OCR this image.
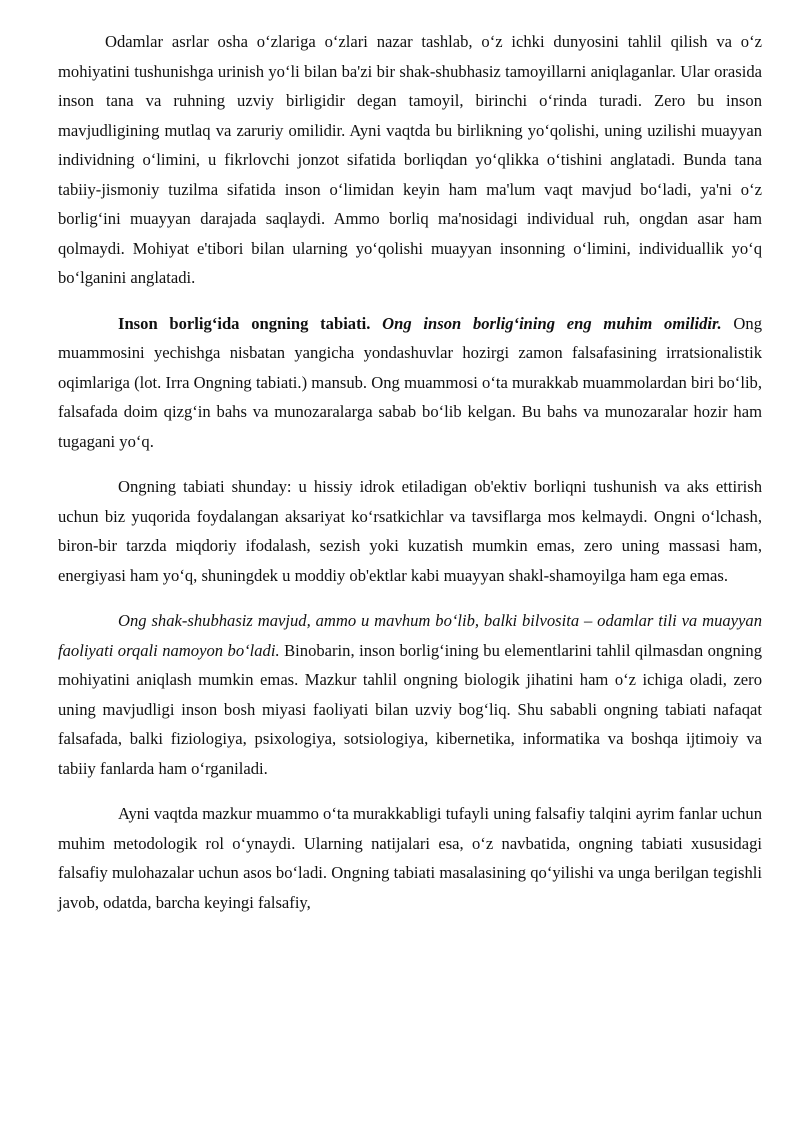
Odamlar asrlar osha o‘zlariga o‘zlari nazar tashlab, o‘z ichki dunyosini tahlil qilish va o‘z mohiyatini tushunishga urinish yo‘li bilan ba'zi bir shak-shubhasiz tamoyillarni aniqlaganlar. Ular orasida inson tana va ruhning uzviy birligidir degan tamoyil, birinchi o‘rinda turadi. Zero bu inson mavjudligining mutlaq va zaruriy omilidir. Ayni vaqtda bu birlikning yo‘qolishi, uning uzilishi muayyan individning o‘limini, u fikrlovchi jonzot sifatida borliqdan yo‘qlikka o‘tishini anglatadi. Bunda tana tabiiy-jismoniy tuzilma sifatida inson o‘limidan keyin ham ma'lum vaqt mavjud bo‘ladi, ya'ni o‘z borlig‘ini muayyan darajada saqlaydi. Ammo borliq ma'nosidagi individual ruh, ongdan asar ham qolmaydi. Mohiyat e'tibori bilan ularning yo‘qolishi muayyan insonning o‘limini, individuallik yo‘q bo‘lganini anglatadi.

Inson borlig‘ida ongning tabiati. Ong inson borlig‘ining eng muhim omilidir. Ong muammosini yechishga nisbatan yangicha yondashuvlar hozirgi zamon falsafasining irratsionalistik oqimlariga (lot. Irra Ongning tabiati.) mansub. Ong muammosi o‘ta murakkab muammolardan biri bo‘lib, falsafada doim qizg‘in bahs va munozaralarga sabab bo‘lib kelgan. Bu bahs va munozaralar hozir ham tugagani yo‘q.

Ongning tabiati shunday: u hissiy idrok etiladigan ob'ektiv borliqni tushunish va aks ettirish uchun biz yuqorida foydalangan aksariyat ko‘rsatkichlar va tavsiflarga mos kelmaydi. Ongni o‘lchash, biron-bir tarzda miqdoriy ifodalash, sezish yoki kuzatish mumkin emas, zero uning massasi ham, energiyasi ham yo‘q, shuningdek u moddiy ob'ektlar kabi muayyan shakl-shamoyilga ham ega emas.

Ong shak-shubhasiz mavjud, ammo u mavhum bo‘lib, balki bilvosita – odamlar tili va muayyan faoliyati orqali namoyon bo‘ladi. Binobarin, inson borlig‘ining bu elementlarini tahlil qilmasdan ongning mohiyatini aniqlash mumkin emas. Mazkur tahlil ongning biologik jihatini ham o‘z ichiga oladi, zero uning mavjudligi inson bosh miyasi faoliyati bilan uzviy bog‘liq. Shu sababli ongning tabiati nafaqat falsafada, balki fiziologiya, psixologiya, sotsiologiya, kibernetika, informatika va boshqa ijtimoiy va tabiiy fanlarda ham o‘rganiladi.

Ayni vaqtda mazkur muammo o‘ta murakkabligi tufayli uning falsafiy talqini ayrim fanlar uchun muhim metodologik rol o‘ynaydi. Ularning natijalari esa, o‘z navbatida, ongning tabiati xususidagi falsafiy mulohazalar uchun asos bo‘ladi. Ongning tabiati masalasining qo‘yilishi va unga berilgan tegishli javob, odatda, barcha keyingi falsafiy,
